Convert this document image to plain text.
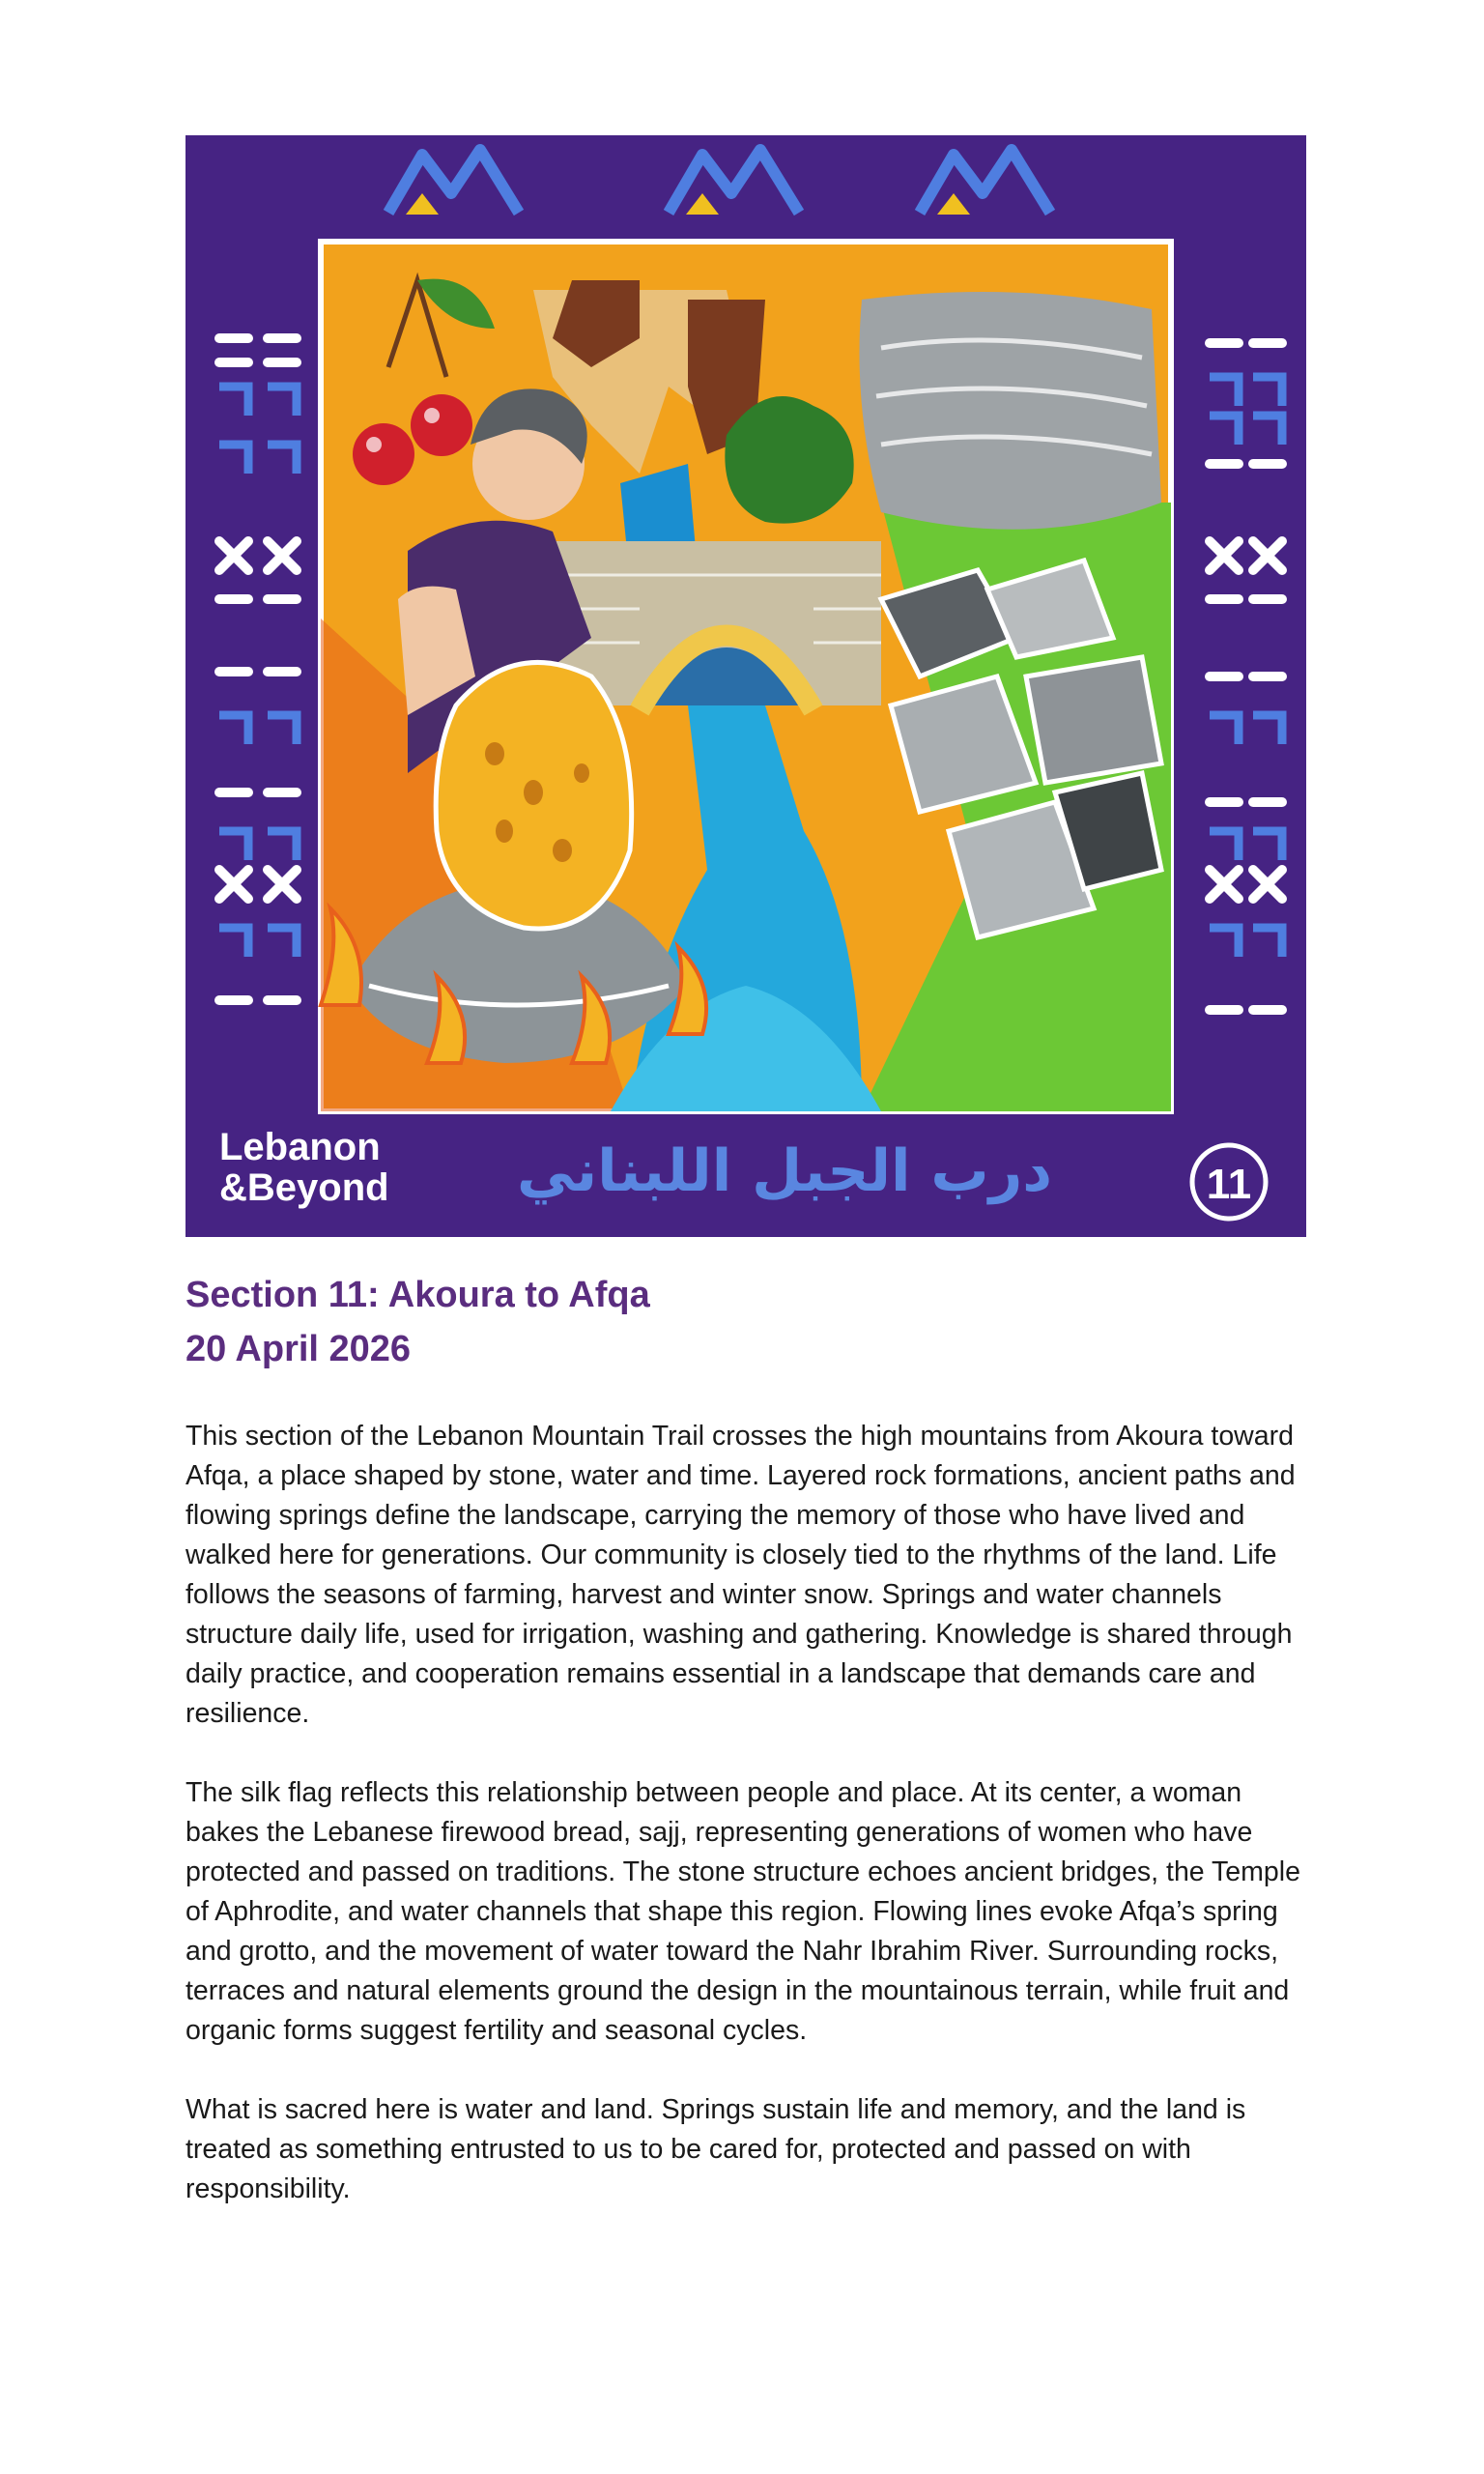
Lebanon
&Beyond درب الجبل اللبناني	11
Section 11: Akoura to Afqa
20 April 2026

This section of the Lebanon Mountain Trail crosses the high mountains from Akoura toward Afqa, a place shaped by stone, water and time. Layered rock formations, ancient paths and flowing springs define the landscape, carrying the memory of those who have lived and walked here for generations. Our community is closely tied to the rhythms of the land. Life follows the seasons of farming, harvest and winter snow. Springs and water channels structure daily life, used for irrigation, washing and gathering. Knowledge is shared through daily practice, and cooperation remains essential in a landscape that demands care and resilience.

The silk flag reflects this relationship between people and place. At its center, a woman bakes the Lebanese firewood bread, sajj, representing generations of women who have protected and passed on traditions. The stone structure echoes ancient bridges, the Temple of Aphrodite, and water channels that shape this region. Flowing lines evoke Afqa’s spring and grotto, and the movement of water toward the Nahr Ibrahim River. Surrounding rocks, terraces and natural elements ground the design in the mountainous terrain, while fruit and organic forms suggest fertility and seasonal cycles.

What is sacred here is water and land. Springs sustain life and memory, and the land is treated as something entrusted to us to be cared for, protected and passed on with responsibility.
